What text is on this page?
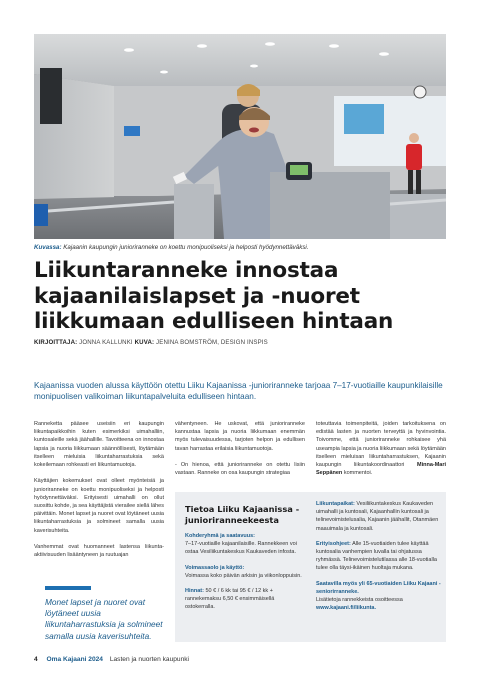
Kuvassa: Kajaanin kaupungin junioriranneke on koettu monipuoliseksi ja helposti hyödynnettäväksi.
Liikuntaranneke innostaa
kajaanilaislapset ja -nuoret
liikkumaan edulliseen hintaan
KIRJOITTAJA: JONNA KALLUNKI KUVA: JENINA BOMSTRÖM, DESIGN INSPIS

Kajaanissa vuoden alussa käyttöön otettu Liiku Kajaanissa -junioriranneke tarjoaa 7–17-vuotiaille kaupunkilaisille monipuolisen valikoiman liikuntapalveluita edulliseen hintaan.

Ranneketta pääsee useisiin eri kaupungin liikuntapaikkoihin kuten esimerkiksi uimahalliin, kuntosaleille sekä jäähallille. Tavoitteena on innostaa lapsia ja nuoria liikkumaan säännöllisesti, löytämään itselleen mieluisia liikuntaharrastuksia sekä kokeilemaan rohkeasti eri liikuntamuotoja.

Käyttäjien kokemukset ovat olleet myönteisiä ja junioriranneke on koettu monipuoliseksi ja helposti hyödynnettäväksi. Erityisesti uimahalli on ollut suosittu kohde, ja sea käyttäjistä vierailee siellä lähes päivittäin. Monet lapset ja nuoret ovat löytäneet uusia liikuntaharrastuksia ja solmineet samalla uusia kaverisuhteita.

Vanhemmat ovat huomanneet lastensa liikunta-aktiivisuuden lisääntyneen ja ruutuajan

Monet lapset ja nuoret ovat löytäneet uusia liikuntaharrastuksia ja solmineet samalla uusia kaverisuhteita.

vähentyneen. He uskovat, että junioriranneke kannustaa lapsia ja nuoria liikkumaan enemmän myös tulevaisuudessa, tarjoten helpon ja edullisen tavan harrastaa erilaisia liikuntamuotoja.

- On hienoa, että junioriranneke on otettu lisiin vastaan. Ranneke on osa kaupungin strategiaa

toteuttavia toimenpiteitä, joiden tarkoituksena on edistää lasten ja nuorten terveyttä ja hyvinvointia. Toivomme, että junioriranneke rohkaisee yhä useampia lapsia ja nuoria liikkumaan sekä löytämään itselleen mieluisan liikuntaharrastuksen, Kajaanin kaupungin liikuntakoordinaattori Minna-Mari Seppänen kommentoi.

Tietoa Liiku Kajaanissa -junioriranneekeesta
Kohderyhmä ja saatavuus:
7–17-vuotiaille kajaanilaisille. Rannekkeen voi ostaa Vesiliikuntakeskus Kaukaveden infosta.
Voimassaolo ja käyttö:
Voimassa koko päivän arkisin ja viikonloppuisin.
Hinnat: 50 € / 6 kk tai 95 € / 12 kk + rannekemaksu 6,50 € ensimmäisellä ostokerralla.
Liikuntapaikat: Vesiliikuntakeskus Kaukaveden uimahalli ja kuntosali, Kajaanhallin kuntosali ja telinevoimistelusalia, Kajaanin jäähallit, Otanmäen maauimala ja kuntosali.
Erityisohjeet: Alle 15-vuotiaiden tulee käyttää kuntosalia vanhempien luvalla tai ohjatussa ryhmässä. Telinevoimistelutilassa alle 18-vuotialla tulee olla täysi-ikäinen huoltaja mukana.
Saatavilla myös yli 65-vuotiaiden Liiku Kajaani -seniorirranneke.
Lisätietoja rannekkeista osoitteessa
www.kajaani.fi/liikunta.
4 Oma Kajaani 2024 Lasten ja nuorten kaupunki
